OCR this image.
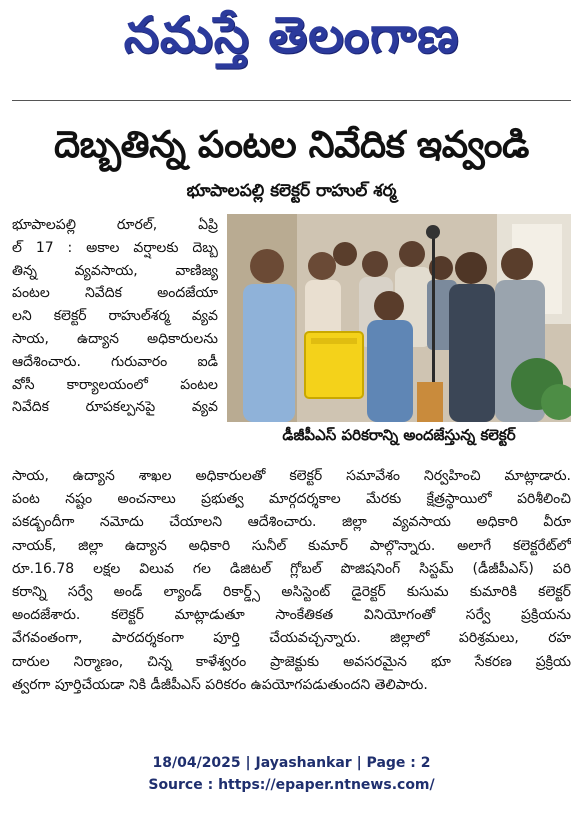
నమస్తే తెలంగాణ
దెబ్బతిన్న పంటల నివేదిక ఇవ్వండి
భూపాలపల్లి కలెక్టర్ రాహుల్ శర్మ
భూపాలపల్లి రూరల్, ఏప్రి
ల్ 17 : అకాల వర్షాలకు దెబ్బ
తిన్న వ్యవసాయ, వాణిజ్య
పంటల నివేదిక అందజేయా
లని కలెక్టర్ రాహుల్‌శర్మ వ్యవ
సాయ, ఉద్యాన అధికారులను
ఆదేశించారు. గురువారం ఐడీ
వోసీ కార్యాలయంలో పంటల
నివేదిక రూపకల్పనపై వ్యవ
డీజీపీఎస్ పరికరాన్ని అందజేస్తున్న కలెక్టర్
సాయ, ఉద్యాన శాఖల అధికారులతో కలెక్టర్ సమావేశం నిర్వహించి మాట్లాడారు.
పంట నష్టం అంచనాలు ప్రభుత్వ మార్గదర్శకాల మేరకు క్షేత్రస్థాయిలో పరిశీలించి
పకడ్బందీగా నమోదు చేయాలని ఆదేశించారు. జిల్లా వ్యవసాయ అధికారి వీరూ
నాయక్, జిల్లా ఉద్యాన అధికారి సునీల్ కుమార్ పాల్గొన్నారు. అలాగే కలెక్టరేట్‌లో
రూ.16.78 లక్షల విలువ గల డిజిటల్ గ్లోబల్ పొజిషనింగ్ సిస్టమ్ (డీజీపీఎస్) పరి
కరాన్ని సర్వే అండ్ ల్యాండ్ రికార్డ్స్ అసిస్టెంట్ డైరెక్టర్ కుసుమ కుమారికి కలెక్టర్
అందజేశారు. కలెక్టర్ మాట్లాడుతూ సాంకేతికత వినియోగంతో సర్వే ప్రక్రియను
వేగవంతంగా, పారదర్శకంగా పూర్తి చేయవచ్చన్నారు. జిల్లాలో పరిశ్రమలు, రహ
దారుల నిర్మాణం, చిన్న కాళేశ్వరం ప్రాజెక్టుకు అవసరమైన భూ సేకరణ ప్రక్రియ
త్వరగా పూర్తిచేయడా నికి డీజీపీఎస్ పరికరం ఉపయోగపడుతుందని తెలిపారు.
18/04/2025 | Jayashankar | Page : 2
Source : https://epaper.ntnews.com/
